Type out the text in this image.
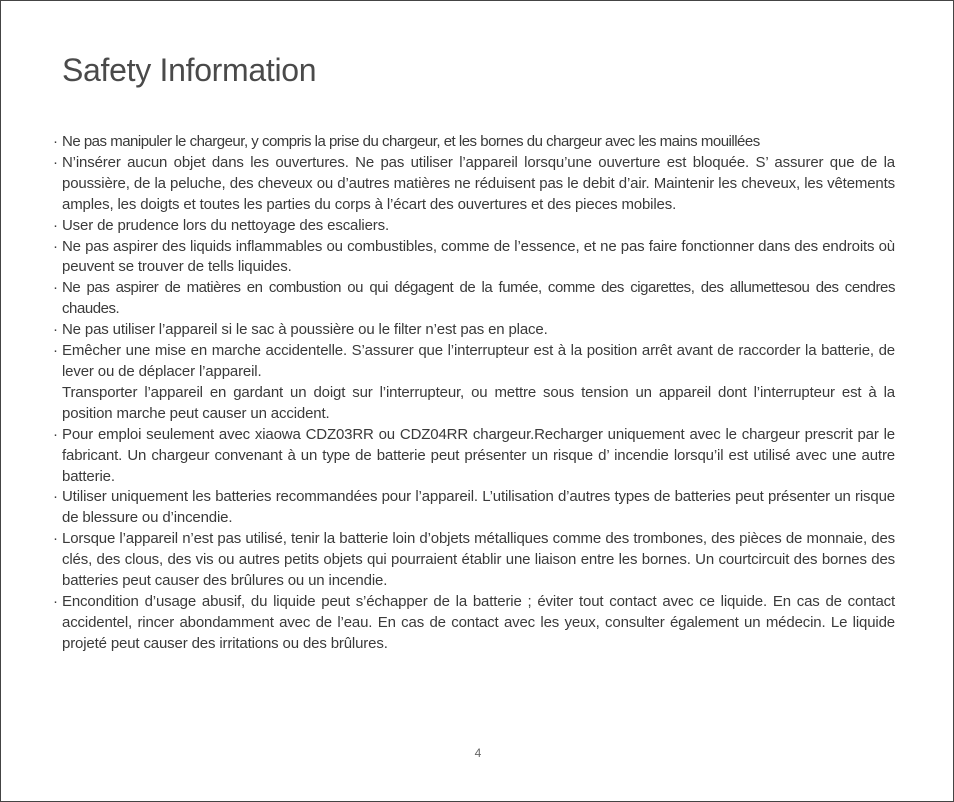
Safety Information
· Ne pas manipuler le chargeur, y compris la prise du chargeur, et les bornes du chargeur avec les mains mouillées
· N’insérer aucun objet dans les ouvertures. Ne pas utiliser l’appareil lorsqu’une ouverture est bloquée. S’ assurer que de la poussière, de la peluche, des cheveux ou d’autres matières ne réduisent pas le debit d’air. Maintenir les cheveux, les vêtements amples, les doigts et toutes les parties du corps à l’écart des ouvertures et des pieces mobiles.
· User de prudence lors du nettoyage des escaliers.
· Ne pas aspirer des liquids inflammables ou combustibles, comme de l’essence, et ne pas faire fonctionner dans des endroits où peuvent se trouver de tells liquides.
· Ne pas aspirer de matières en combustion ou qui dégagent de la fumée, comme des cigarettes, des allumettesou des cendres chaudes.
· Ne pas utiliser l’appareil si le sac à poussière ou le filter n’est pas en place.
· Emêcher une mise en marche accidentelle. S’assurer que l’interrupteur est à la position arrêt avant de raccorder la batterie, de lever ou de déplacer l’appareil.
Transporter l’appareil en gardant un doigt sur l’interrupteur, ou mettre sous tension un appareil dont l’interrupteur est à la position marche peut causer un accident.
· Pour emploi seulement avec xiaowa CDZ03RR ou CDZ04RR chargeur.Recharger uniquement avec le chargeur prescrit par le fabricant. Un chargeur convenant à un type de batterie peut présenter un risque d’ incendie lorsqu’il est utilisé avec une autre batterie.
· Utiliser uniquement les batteries recommandées pour l’appareil. L’utilisation d’autres types de batteries peut présenter un risque de blessure ou d’incendie.
· Lorsque l’appareil n’est pas utilisé, tenir la batterie loin d’objets métalliques comme des trombones, des pièces de monnaie, des clés, des clous, des vis ou autres petits objets qui pourraient établir une liaison entre les bornes. Un courtcircuit des bornes des batteries peut causer des brûlures ou un incendie.
· Encondition d’usage abusif, du liquide peut s’échapper de la batterie ; éviter tout contact avec ce liquide. En cas de contact accidentel, rincer abondamment avec de l’eau. En cas de contact avec les yeux, consulter également un médecin. Le liquide projeté peut causer des irritations ou des brûlures.
4
